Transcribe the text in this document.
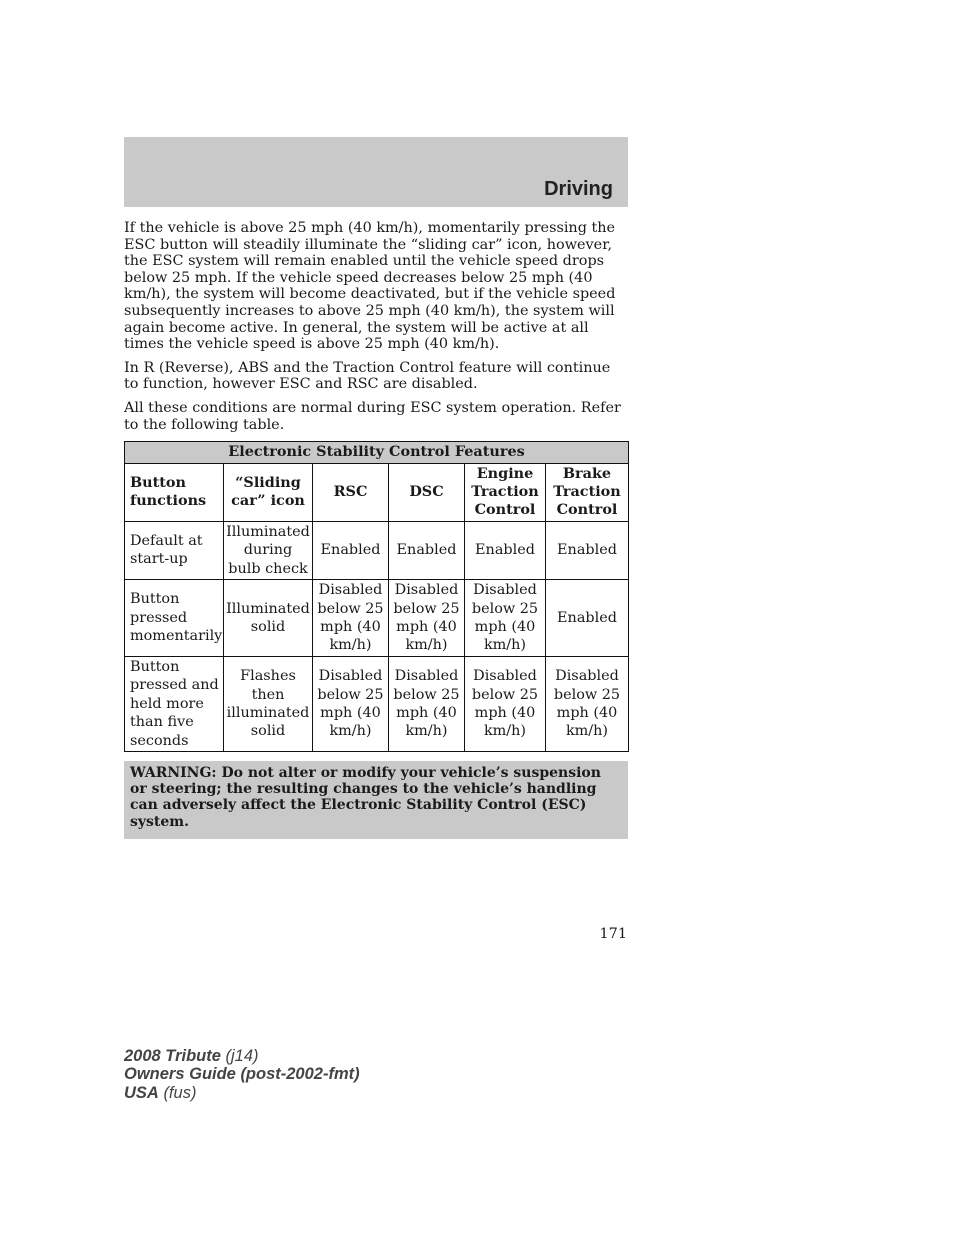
Driving

If the vehicle is above 25 mph (40 km/h), momentarily pressing the ESC button will steadily illuminate the “sliding car” icon, however, the ESC system will remain enabled until the vehicle speed drops below 25 mph. If the vehicle speed decreases below 25 mph (40 km/h), the system will become deactivated, but if the vehicle speed subsequently increases to above 25 mph (40 km/h), the system will again become active. In general, the system will be active at all times the vehicle speed is above 25 mph (40 km/h).

In R (Reverse), ABS and the Traction Control feature will continue to function, however ESC and RSC are disabled.

All these conditions are normal during ESC system operation. Refer to the following table.

Electronic Stability Control Features					
Button functions	“Sliding car” icon	RSC	DSC	Engine Traction Control	Brake Traction Control
Default at start-up	Illuminated during bulb check	Enabled	Enabled	Enabled	Enabled
Button pressed momentarily	Illuminated solid	Disabled below 25 mph (40 km/h)	Disabled below 25 mph (40 km/h)	Disabled below 25 mph (40 km/h)	Enabled
Button pressed and held more than five seconds	Flashes then illuminated solid	Disabled below 25 mph (40 km/h)	Disabled below 25 mph (40 km/h)	Disabled below 25 mph (40 km/h)	Disabled below 25 mph (40 km/h)
WARNING: Do not alter or modify your vehicle’s suspension or steering; the resulting changes to the vehicle’s handling can adversely affect the Electronic Stability Control (ESC) system.
171
2008 Tribute (j14)
Owners Guide (post-2002-fmt)
USA (fus)
